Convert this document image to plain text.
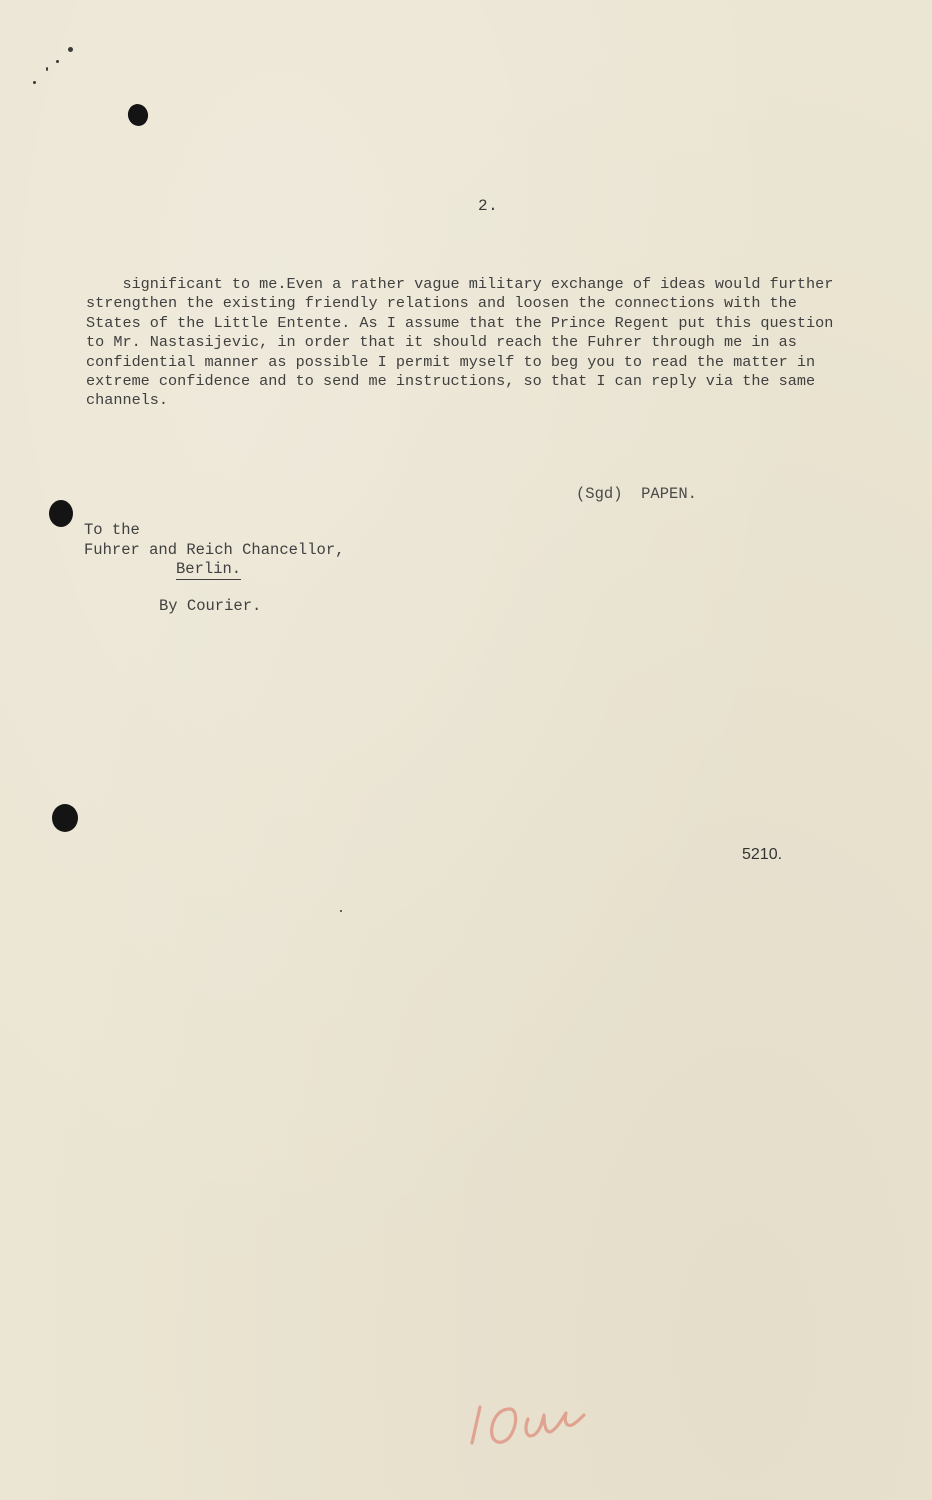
2.
significant to me.Even a rather vague military exchange of ideas would further
strengthen the existing friendly relations and loosen the connections with the
States of the Little Entente. As I assume that the Prince Regent put this question
to Mr. Nastasijevic, in order that it should reach the Fuhrer through me in as
confidential manner as possible I permit myself to beg you to read the matter in
extreme confidence and to send me instructions, so that I can reply via the same
channels.
(Sgd)  PAPEN.
To the
Fuhrer and Reich Chancellor,
Berlin.
By Courier.
5210.
